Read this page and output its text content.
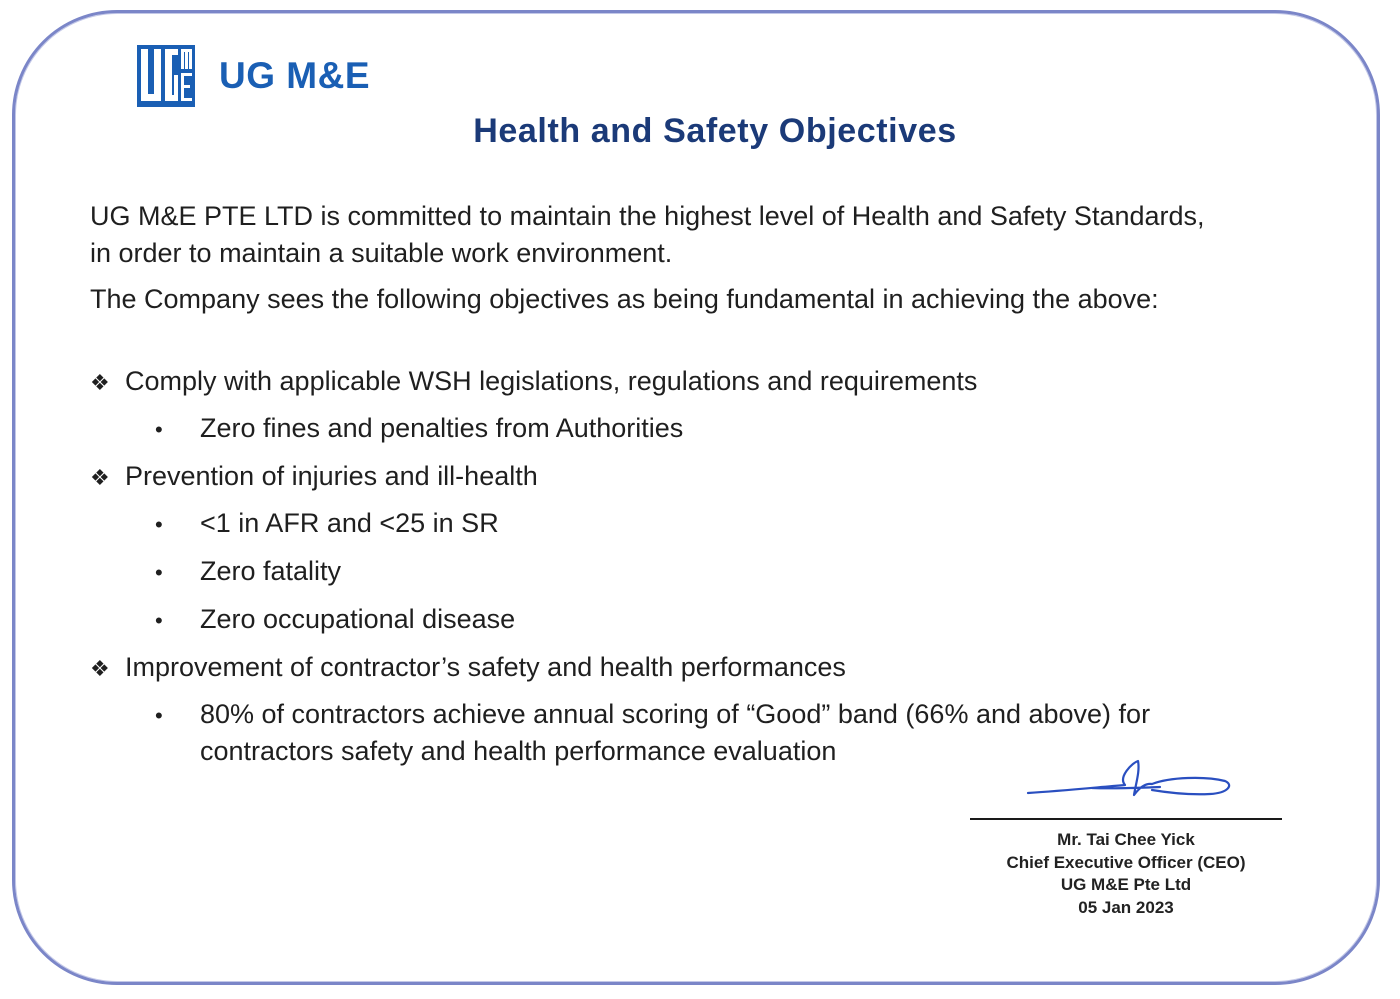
UG M&E
Health and Safety Objectives
UG M&E PTE LTD is committed to maintain the highest level of Health and Safety Standards, in order to maintain a suitable work environment.
The Company sees the following objectives as being fundamental in achieving the above:
❖ Comply with applicable WSH legislations, regulations and requirements
•	Zero fines and penalties from Authorities
❖ Prevention of injuries and ill-health
•	<1 in AFR and <25 in SR
•	Zero fatality
•	Zero occupational disease
❖ Improvement of contractor’s safety and health performances
•	80% of contractors achieve annual scoring of “Good” band (66% and above) for contractors safety and health performance evaluation
Mr. Tai Chee Yick
Chief Executive Officer (CEO)
UG M&E Pte Ltd
05 Jan 2023
